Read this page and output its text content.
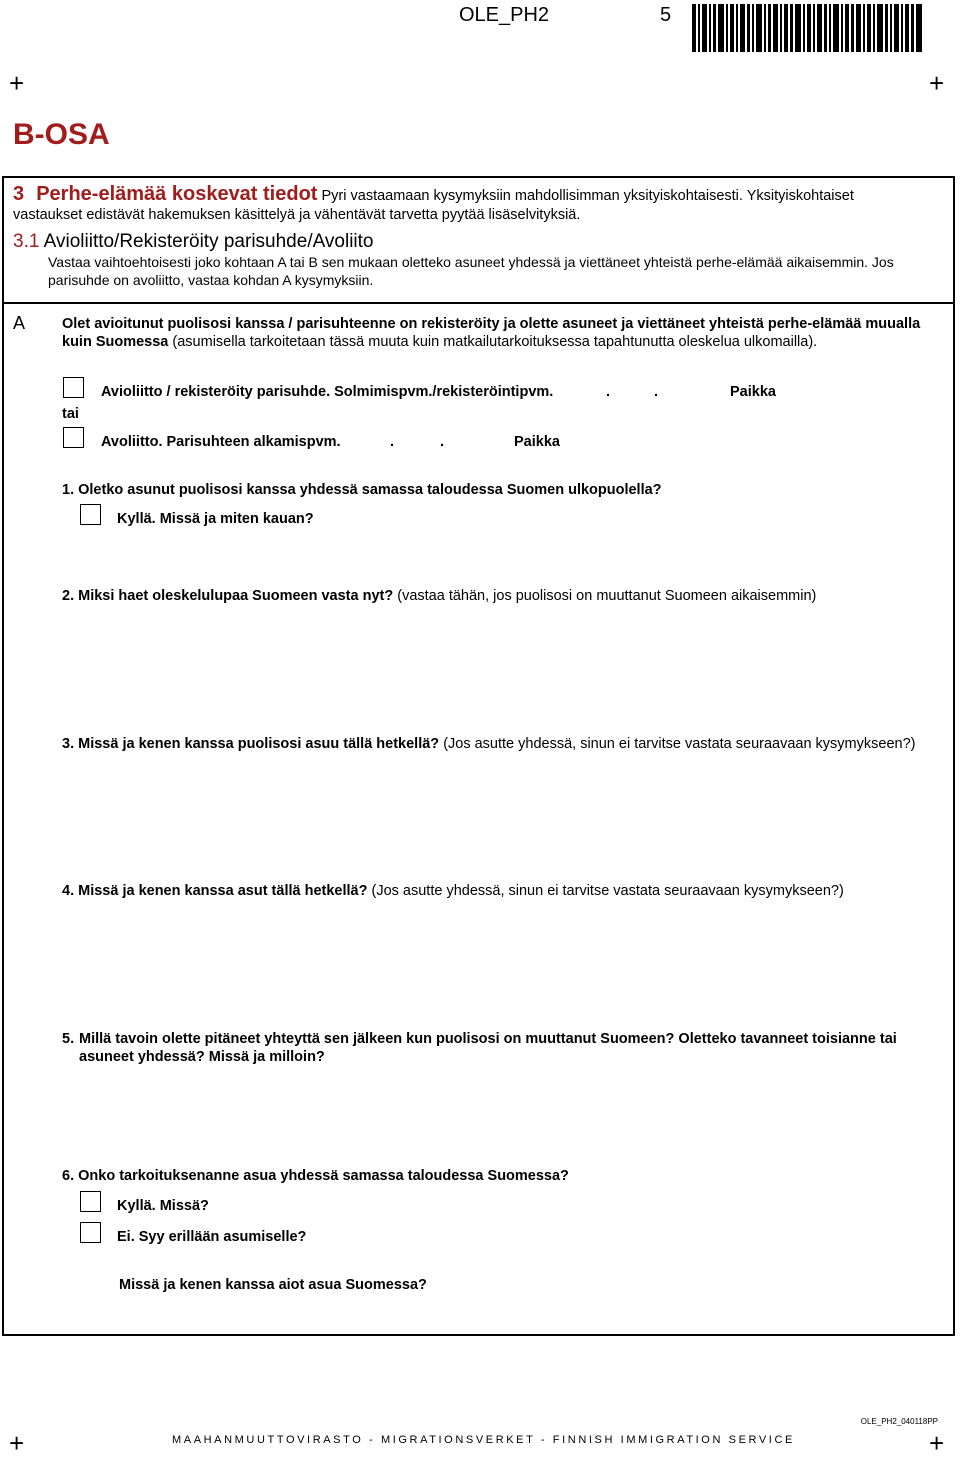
OLE_PH2	5
+	+
+	+
B-OSA
3 Perhe-elämää koskevat tiedot Pyri vastaamaan kysymyksiin mahdollisimman yksityiskohtaisesti. Yksityiskohtaiset vastaukset edistävät hakemuksen käsittelyä ja vähentävät tarvetta pyytää lisäselvityksiä.
3.1 Avioliitto/Rekisteröity parisuhde/Avoliito
Vastaa vaihtoehtoisesti joko kohtaan A tai B sen mukaan oletteko asuneet yhdessä ja viettäneet yhteistä perhe-elämää aikaisemmin. Jos parisuhde on avoliitto, vastaa kohdan A kysymyksiin.
A	Olet avioitunut puolisosi kanssa / parisuhteenne on rekisteröity ja olette asuneet ja viettäneet yhteistä perhe-elämää muualla kuin Suomessa (asumisella tarkoitetaan tässä muuta kuin matkailutarkoituksessa tapahtunutta oleskelua ulkomailla).
Avioliitto / rekisteröity parisuhde. Solmimispvm./rekisteröintipvm.	.	.	Paikka
tai
Avoliitto. Parisuhteen alkamispvm.	.	.	Paikka
1. Oletko asunut puolisosi kanssa yhdessä samassa taloudessa Suomen ulkopuolella?
Kyllä. Missä ja miten kauan?
2. Miksi haet oleskelulupaa Suomeen vasta nyt? (vastaa tähän, jos puolisosi on muuttanut Suomeen aikaisemmin)
3. Missä ja kenen kanssa puolisosi asuu tällä hetkellä? (Jos asutte yhdessä, sinun ei tarvitse vastata seuraavaan kysymykseen?)
4. Missä ja kenen kanssa asut tällä hetkellä? (Jos asutte yhdessä, sinun ei tarvitse vastata seuraavaan kysymykseen?)
5. Millä tavoin olette pitäneet yhteyttä sen jälkeen kun puolisosi on muuttanut Suomeen? Oletteko tavanneet toisianne tai asuneet yhdessä? Missä ja milloin?
6. Onko tarkoituksenanne asua yhdessä samassa taloudessa Suomessa?
Kyllä. Missä?
Ei. Syy erillään asumiselle?
Missä ja kenen kanssa aiot asua Suomessa?
OLE_PH2_040118PP
MAAHANMUUTTOVIRASTO - MIGRATIONSVERKET - FINNISH IMMIGRATION SERVICE
